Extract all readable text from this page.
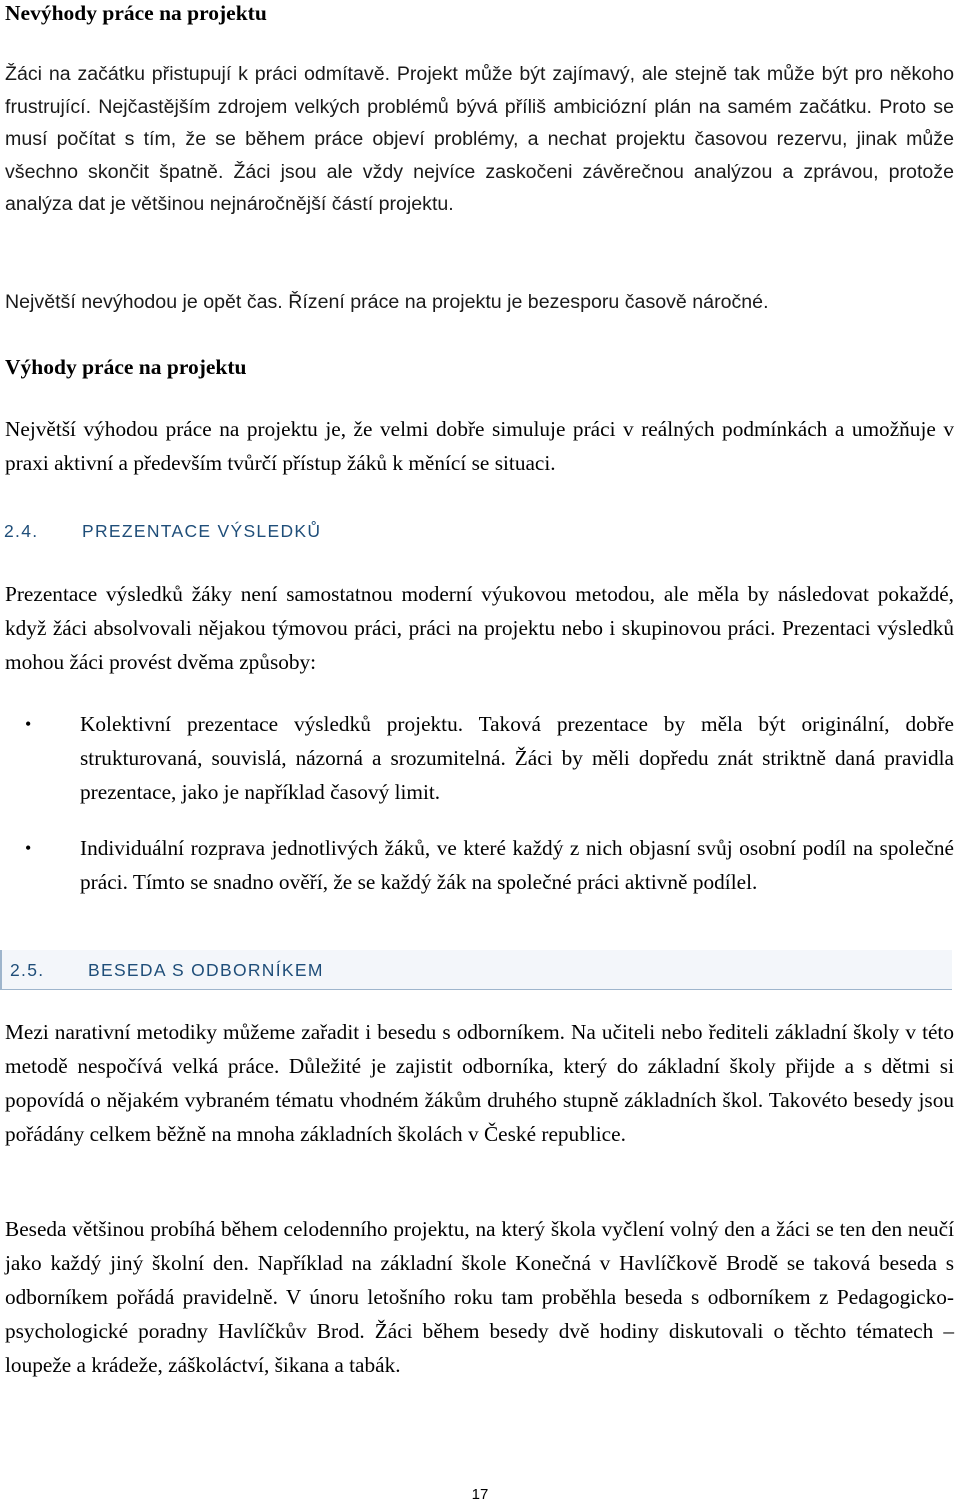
Nevýhody práce na projektu

Žáci na začátku přistupují k práci odmítavě. Projekt může být zajímavý, ale stejně tak může být pro někoho frustrující. Nejčastějším zdrojem velkých problémů bývá příliš ambiciózní plán na samém začátku. Proto se musí počítat s tím, že se během práce objeví problémy, a nechat projektu časovou rezervu, jinak může všechno skončit špatně. Žáci jsou ale vždy nejvíce zaskočeni závěrečnou analýzou a zprávou, protože analýza dat je většinou nejnáročnější částí projektu.

Největší nevýhodou je opět čas. Řízení práce na projektu je bezesporu časově náročné.

Výhody práce na projektu

Největší výhodou práce na projektu je, že velmi dobře simuluje práci v reálných podmínkách a umožňuje v praxi aktivní a především tvůrčí přístup žáků k měnící se situaci.

2.4. PREZENTACE VÝSLEDKŮ

Prezentace výsledků žáky není samostatnou moderní výukovou metodou, ale měla by následovat pokaždé, když žáci absolvovali nějakou týmovou práci, práci na projektu nebo i skupinovou práci. Prezentaci výsledků mohou žáci provést dvěma způsoby:

• Kolektivní prezentace výsledků projektu. Taková prezentace by měla být originální, dobře strukturovaná, souvislá, názorná a srozumitelná. Žáci by měli dopředu znát striktně daná pravidla prezentace, jako je například časový limit.
• Individuální rozprava jednotlivých žáků, ve které každý z nich objasní svůj osobní podíl na společné práci. Tímto se snadno ověří, že se každý žák na společné práci aktivně podílel.
2.5. BESEDA S ODBORNÍKEM

Mezi narativní metodiky můžeme zařadit i besedu s odborníkem. Na učiteli nebo řediteli základní školy v této metodě nespočívá velká práce. Důležité je zajistit odborníka, který do základní školy přijde a s dětmi si popovídá o nějakém vybraném tématu vhodném žákům druhého stupně základních škol. Takovéto besedy jsou pořádány celkem běžně na mnoha základních školách v České republice.

Beseda většinou probíhá během celodenního projektu, na který škola vyčlení volný den a žáci se ten den neučí jako každý jiný školní den. Například na základní škole Konečná v Havlíčkově Brodě se taková beseda s odborníkem pořádá pravidelně. V únoru letošního roku tam proběhla beseda s odborníkem z Pedagogicko-psychologické poradny Havlíčkův Brod. Žáci během besedy dvě hodiny diskutovali o těchto tématech – loupeže a krádeže, záškoláctví, šikana a tabák.

17
